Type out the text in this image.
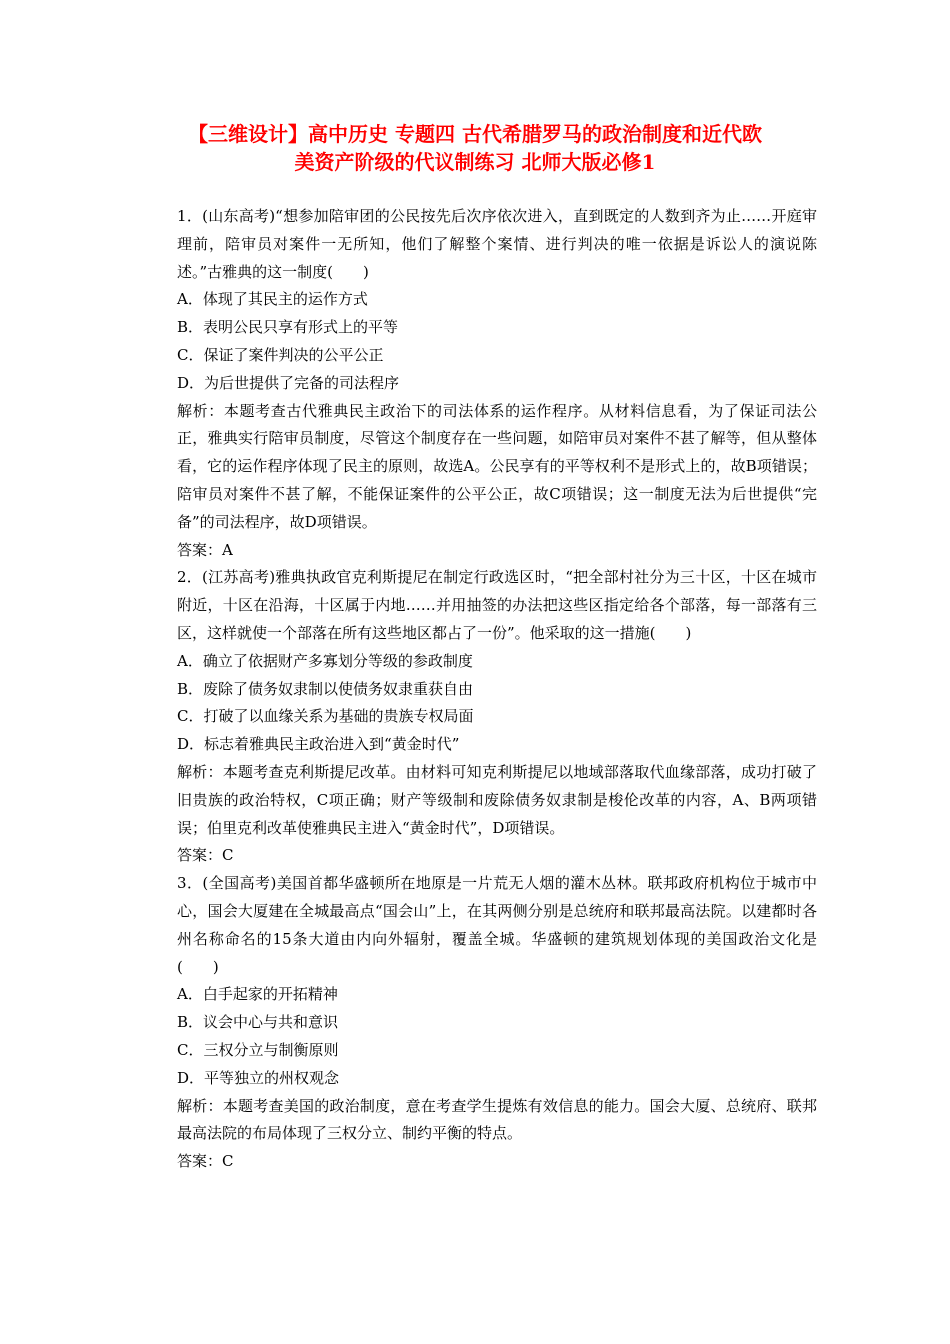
【三维设计】高中历史 专题四 古代希腊罗马的政治制度和近代欧
美资产阶级的代议制练习 北师大版必修1

1．(山东高考)“想参加陪审团的公民按先后次序依次进入，直到既定的人数到齐为止……开庭审理前，陪审员对案件一无所知，他们了解整个案情、进行判决的唯一依据是诉讼人的演说陈述。”古雅典的这一制度(　　)

A．体现了其民主的运作方式

B．表明公民只享有形式上的平等

C．保证了案件判决的公平公正

D．为后世提供了完备的司法程序

解析：本题考查古代雅典民主政治下的司法体系的运作程序。从材料信息看，为了保证司法公正，雅典实行陪审员制度，尽管这个制度存在一些问题，如陪审员对案件不甚了解等，但从整体看，它的运作程序体现了民主的原则，故选A。公民享有的平等权利不是形式上的，故B项错误；陪审员对案件不甚了解，不能保证案件的公平公正，故C项错误；这一制度无法为后世提供“完备”的司法程序，故D项错误。

答案：A

2．(江苏高考)雅典执政官克利斯提尼在制定行政选区时，“把全部村社分为三十区，十区在城市附近，十区在沿海，十区属于内地……并用抽签的办法把这些区指定给各个部落，每一部落有三区，这样就使一个部落在所有这些地区都占了一份”。他采取的这一措施(　　)

A．确立了依据财产多寡划分等级的参政制度

B．废除了债务奴隶制以使债务奴隶重获自由

C．打破了以血缘关系为基础的贵族专权局面

D．标志着雅典民主政治进入到“黄金时代”

解析：本题考查克利斯提尼改革。由材料可知克利斯提尼以地域部落取代血缘部落，成功打破了旧贵族的政治特权，C项正确；财产等级制和废除债务奴隶制是梭伦改革的内容，A、B两项错误；伯里克利改革使雅典民主进入“黄金时代”，D项错误。

答案：C

3．(全国高考)美国首都华盛顿所在地原是一片荒无人烟的灌木丛林。联邦政府机构位于城市中心，国会大厦建在全城最高点“国会山”上，在其两侧分别是总统府和联邦最高法院。以建都时各州名称命名的15条大道由内向外辐射，覆盖全城。华盛顿的建筑规划体现的美国政治文化是(　　)

A．白手起家的开拓精神

B．议会中心与共和意识

C．三权分立与制衡原则

D．平等独立的州权观念

解析：本题考查美国的政治制度，意在考查学生提炼有效信息的能力。国会大厦、总统府、联邦最高法院的布局体现了三权分立、制约平衡的特点。

答案：C
